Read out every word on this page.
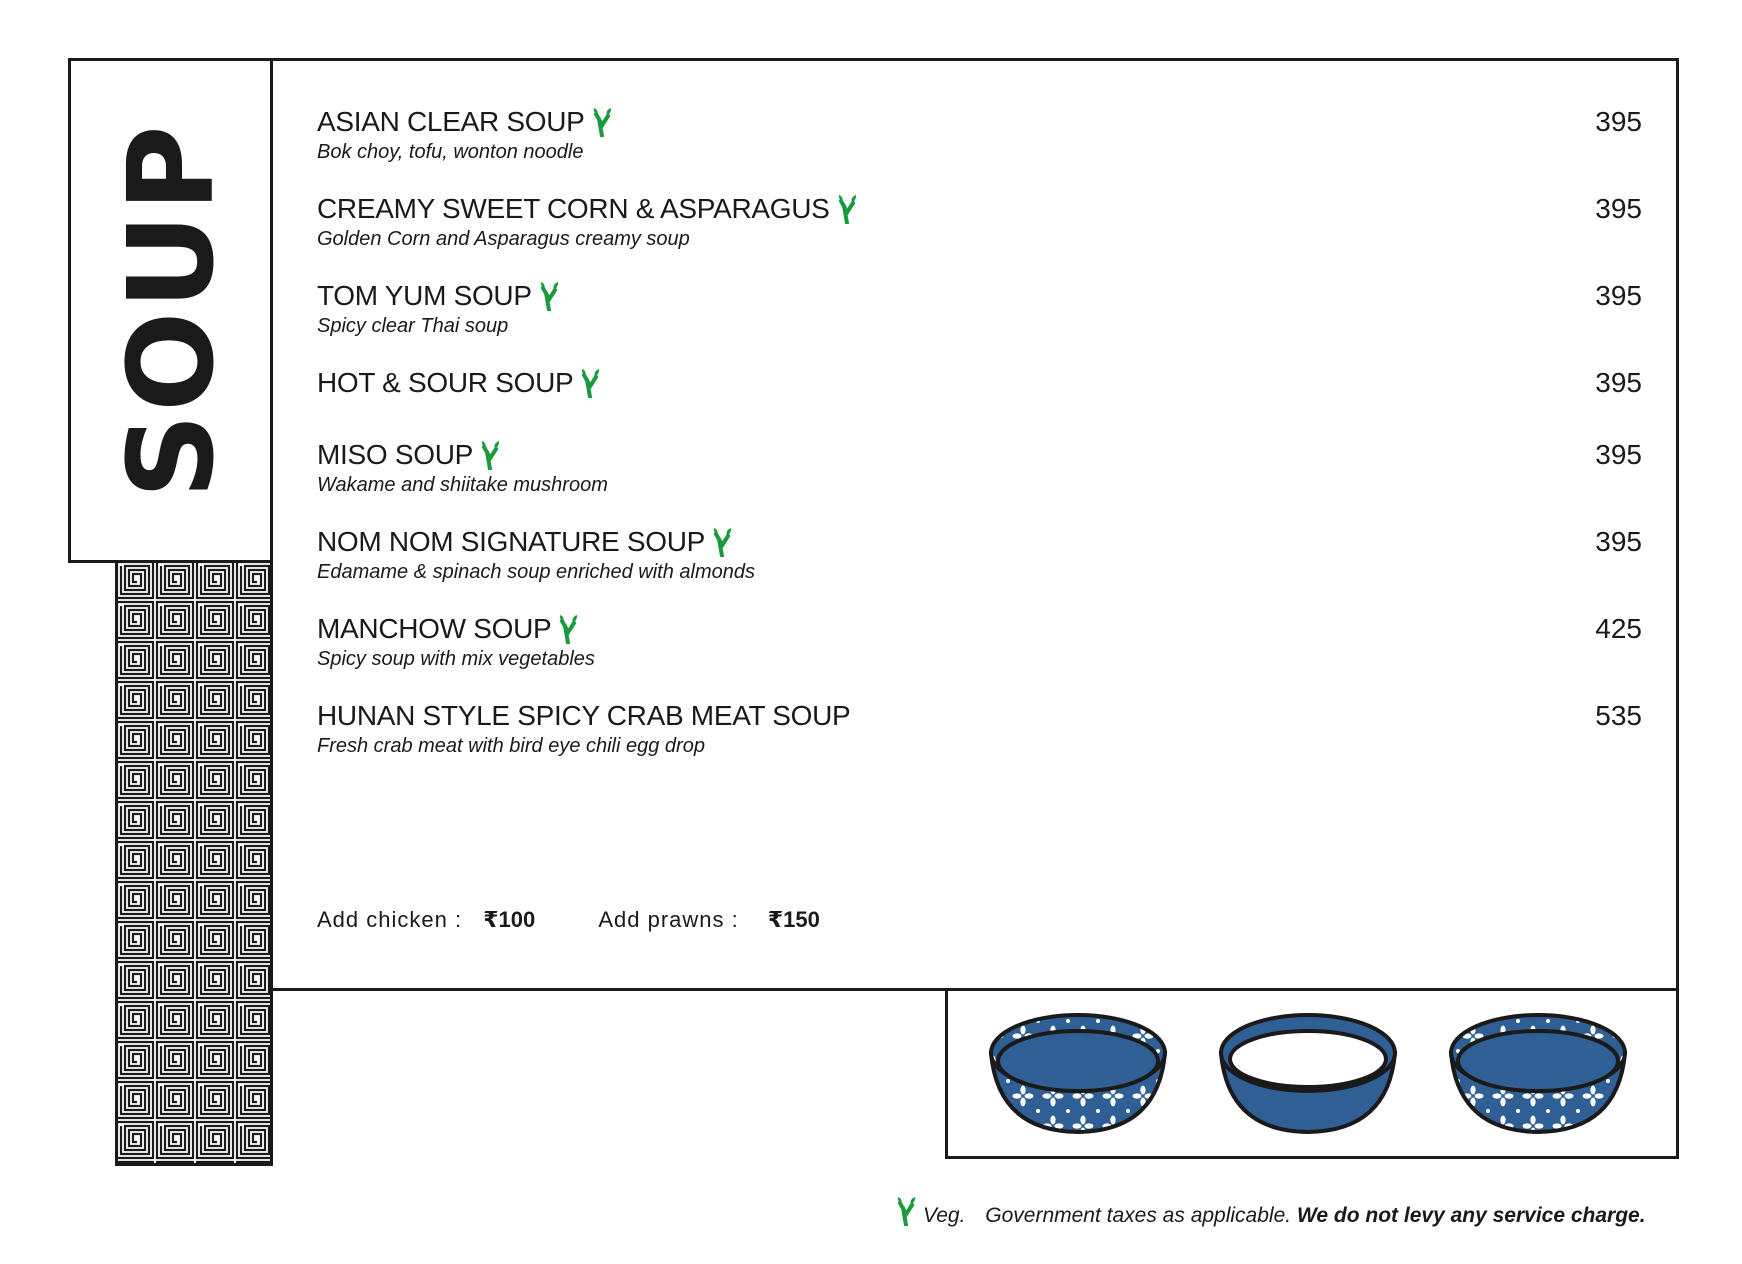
SOUP
ASIAN CLEAR SOUP
Bok choy, tofu, wonton noodle
395
CREAMY SWEET CORN & ASPARAGUS
Golden Corn and Asparagus creamy soup
395
TOM YUM SOUP
Spicy clear Thai soup
395
HOT & SOUR SOUP	395
MISO SOUP
Wakame and shiitake mushroom
395
NOM NOM SIGNATURE SOUP
Edamame & spinach soup enriched with almonds
395
MANCHOW SOUP
Spicy soup with mix vegetables
425
HUNAN STYLE SPICY CRAB MEAT SOUP
Fresh crab meat with bird eye chili egg drop
535
Add chicken : ₹100	Add prawns : ₹150
Veg. Government taxes as applicable. We do not levy any service charge.
